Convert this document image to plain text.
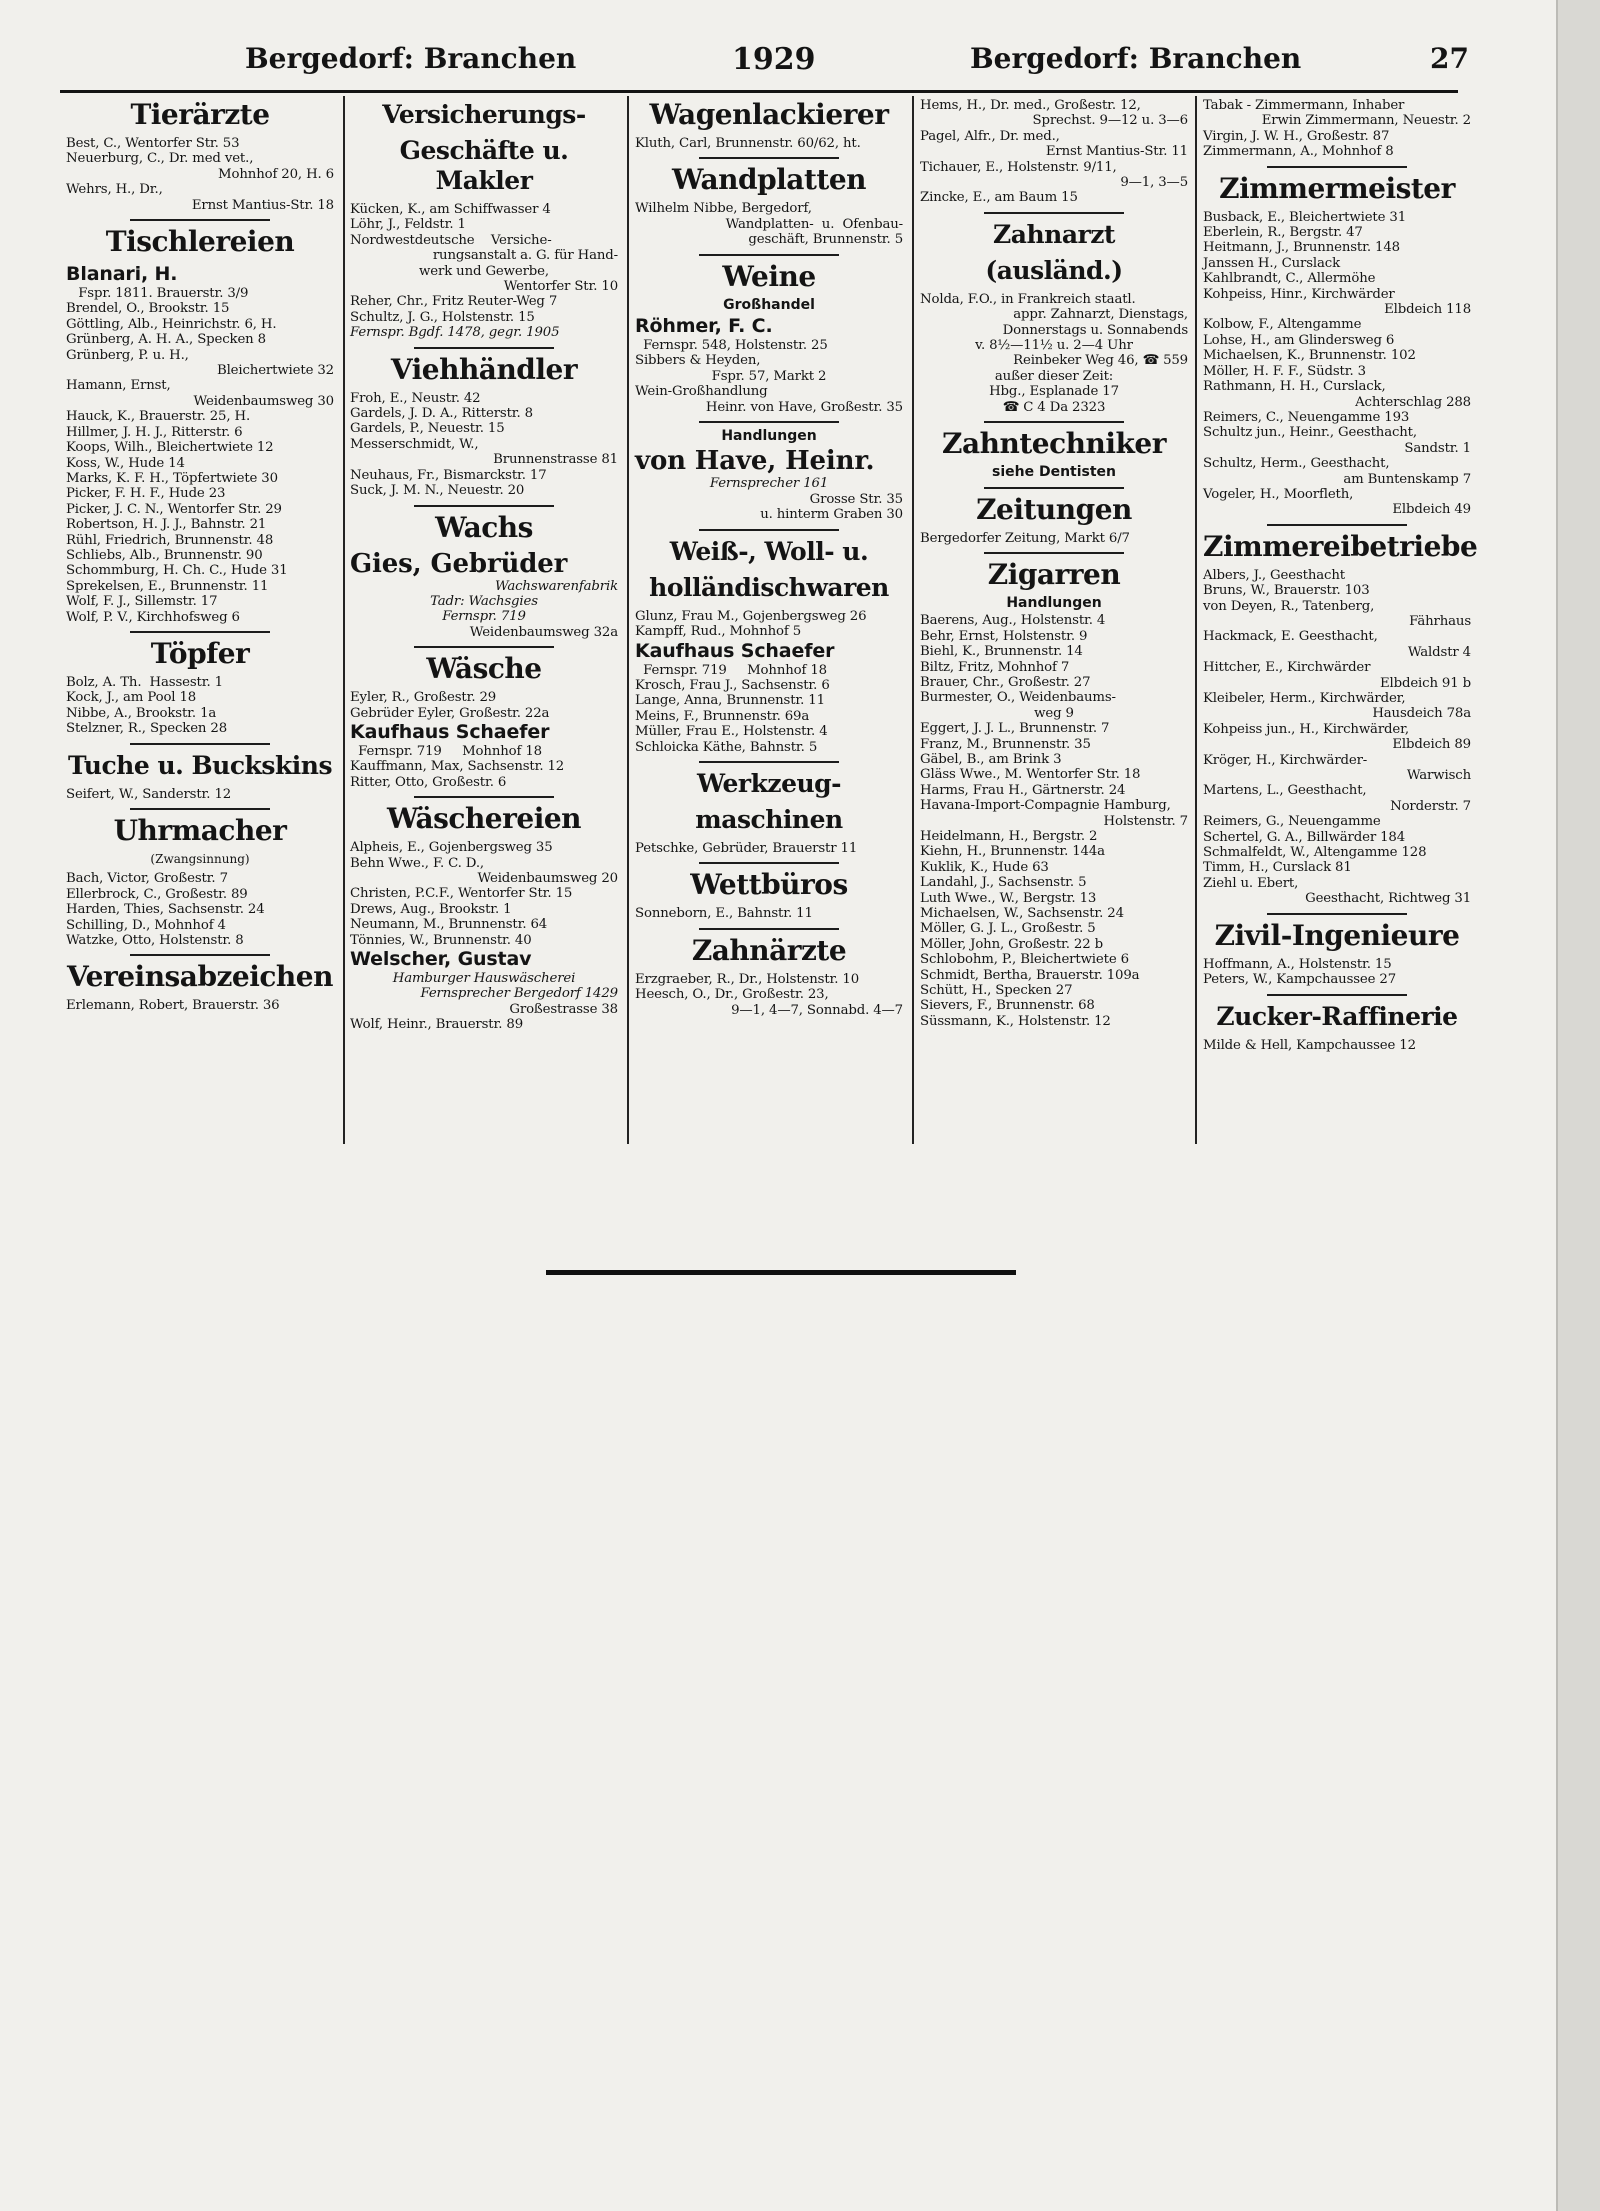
Bergedorf: Branchen	1929	Bergedorf: Branchen	27
Tierärzte
Best, C., Wentorfer Str. 53
Neuerburg, C., Dr. med vet.,
Mohnhof 20, H. 6
Wehrs, H., Dr.,
Ernst Mantius-Str. 18
Tischlereien
Blanari, H.
Fspr. 1811. Brauerstr. 3/9
Brendel, O., Brookstr. 15
Göttling, Alb., Heinrichstr. 6, H.
Grünberg, A. H. A., Specken 8
Grünberg, P. u. H.,
Bleichertwiete 32
Hamann, Ernst,
Weidenbaumsweg 30
Hauck, K., Brauerstr. 25, H.
Hillmer, J. H. J., Ritterstr. 6
Koops, Wilh., Bleichertwiete 12
Koss, W., Hude 14
Marks, K. F. H., Töpfertwiete 30
Picker, F. H. F., Hude 23
Picker, J. C. N., Wentorfer Str. 29
Robertson, H. J. J., Bahnstr. 21
Rühl, Friedrich, Brunnenstr. 48
Schliebs, Alb., Brunnenstr. 90
Schommburg, H. Ch. C., Hude 31
Sprekelsen, E., Brunnenstr. 11
Wolf, F. J., Sillemstr. 17
Wolf, P. V., Kirchhofsweg 6
Töpfer
Bolz, A. Th.  Hassestr. 1
Kock, J., am Pool 18
Nibbe, A., Brookstr. 1a
Stelzner, R., Specken 28
Tuche u. Buckskins
Seifert, W., Sanderstr. 12
Uhrmacher
(Zwangsinnung)
Bach, Victor, Großestr. 7
Ellerbrock, C., Großestr. 89
Harden, Thies, Sachsenstr. 24
Schilling, D., Mohnhof 4
Watzke, Otto, Holstenstr. 8
Vereinsabzeichen
Erlemann, Robert, Brauerstr. 36
Versicherungs-
Geschäfte u. Makler
Kücken, K., am Schiffwasser 4
Löhr, J., Feldstr. 1
Nordwestdeutsche    Versiche-
rungsanstalt a. G. für Hand-
werk und Gewerbe,
Wentorfer Str. 10
Reher, Chr., Fritz Reuter-Weg 7
Schultz, J. G., Holstenstr. 15
Fernspr. Bgdf. 1478, gegr. 1905
Viehhändler
Froh, E., Neustr. 42
Gardels, J. D. A., Ritterstr. 8
Gardels, P., Neuestr. 15
Messerschmidt, W.,
Brunnenstrasse 81
Neuhaus, Fr., Bismarckstr. 17
Suck, J. M. N., Neuestr. 20
Wachs
Gies, Gebrüder
Wachswarenfabrik
Tadr: Wachsgies
Fernspr. 719
Weidenbaumsweg 32a
Wäsche
Eyler, R., Großestr. 29
Gebrüder Eyler, Großestr. 22a
Kaufhaus Schaefer
Fernspr. 719     Mohnhof 18
Kauffmann, Max, Sachsenstr. 12
Ritter, Otto, Großestr. 6
Wäschereien
Alpheis, E., Gojenbergsweg 35
Behn Wwe., F. C. D.,
Weidenbaumsweg 20
Christen, P.C.F., Wentorfer Str. 15
Drews, Aug., Brookstr. 1
Neumann, M., Brunnenstr. 64
Tönnies, W., Brunnenstr. 40
Welscher, Gustav
Hamburger Hauswäscherei
Fernsprecher Bergedorf 1429
Großestrasse 38
Wolf, Heinr., Brauerstr. 89
Wagenlackierer
Kluth, Carl, Brunnenstr. 60/62, ht.
Wandplatten
Wilhelm Nibbe, Bergedorf,
Wandplatten-  u.  Ofenbau-
geschäft, Brunnenstr. 5
Weine
Großhandel
Röhmer, F. C.
Fernspr. 548, Holstenstr. 25
Sibbers & Heyden,
Fspr. 57, Markt 2
Wein-Großhandlung
Heinr. von Have, Großestr. 35
Handlungen
von Have, Heinr.
Fernsprecher 161
Grosse Str. 35
u. hinterm Graben 30
Weiß-, Woll- u.
holländischwaren
Glunz, Frau M., Gojenbergsweg 26
Kampff, Rud., Mohnhof 5
Kaufhaus Schaefer
Fernspr. 719     Mohnhof 18
Krosch, Frau J., Sachsenstr. 6
Lange, Anna, Brunnenstr. 11
Meins, F., Brunnenstr. 69a
Müller, Frau E., Holstenstr. 4
Schloicka Käthe, Bahnstr. 5
Werkzeug-
maschinen
Petschke, Gebrüder, Brauerstr 11
Wettbüros
Sonneborn, E., Bahnstr. 11
Zahnärzte
Erzgraeber, R., Dr., Holstenstr. 10
Heesch, O., Dr., Großestr. 23,
9—1, 4—7, Sonnabd. 4—7
Hems, H., Dr. med., Großestr. 12,
Sprechst. 9—12 u. 3—6
Pagel, Alfr., Dr. med.,
Ernst Mantius-Str. 11
Tichauer, E., Holstenstr. 9/11,
9—1, 3—5
Zincke, E., am Baum 15
Zahnarzt
(ausländ.)
Nolda, F.O., in Frankreich staatl.
appr. Zahnarzt, Dienstags,
Donnerstags u. Sonnabends
v. 8½—11½ u. 2—4 Uhr
Reinbeker Weg 46, ☎ 559
außer dieser Zeit:
Hbg., Esplanade 17
☎ C 4 Da 2323
Zahntechniker
siehe Dentisten
Zeitungen
Bergedorfer Zeitung, Markt 6/7
Zigarren
Handlungen
Baerens, Aug., Holstenstr. 4
Behr, Ernst, Holstenstr. 9
Biehl, K., Brunnenstr. 14
Biltz, Fritz, Mohnhof 7
Brauer, Chr., Großestr. 27
Burmester, O., Weidenbaums-
weg 9
Eggert, J. J. L., Brunnenstr. 7
Franz, M., Brunnenstr. 35
Gäbel, B., am Brink 3
Gläss Wwe., M. Wentorfer Str. 18
Harms, Frau H., Gärtnerstr. 24
Havana-Import-Compagnie Hamburg,
Holstenstr. 7
Heidelmann, H., Bergstr. 2
Kiehn, H., Brunnenstr. 144a
Kuklik, K., Hude 63
Landahl, J., Sachsenstr. 5
Luth Wwe., W., Bergstr. 13
Michaelsen, W., Sachsenstr. 24
Möller, G. J. L., Großestr. 5
Möller, John, Großestr. 22 b
Schlobohm, P., Bleichertwiete 6
Schmidt, Bertha, Brauerstr. 109a
Schütt, H., Specken 27
Sievers, F., Brunnenstr. 68
Süssmann, K., Holstenstr. 12
Tabak - Zimmermann, Inhaber
Erwin Zimmermann, Neuestr. 2
Virgin, J. W. H., Großestr. 87
Zimmermann, A., Mohnhof 8
Zimmermeister
Busback, E., Bleichertwiete 31
Eberlein, R., Bergstr. 47
Heitmann, J., Brunnenstr. 148
Janssen H., Curslack
Kahlbrandt, C., Allermöhe
Kohpeiss, Hinr., Kirchwärder
Elbdeich 118
Kolbow, F., Altengamme
Lohse, H., am Glindersweg 6
Michaelsen, K., Brunnenstr. 102
Möller, H. F. F., Südstr. 3
Rathmann, H. H., Curslack,
Achterschlag 288
Reimers, C., Neuengamme 193
Schultz jun., Heinr., Geesthacht,
Sandstr. 1
Schultz, Herm., Geesthacht,
am Buntenskamp 7
Vogeler, H., Moorfleth,
Elbdeich 49
Zimmereibetriebe
Albers, J., Geesthacht
Bruns, W., Brauerstr. 103
von Deyen, R., Tatenberg,
Fährhaus
Hackmack, E. Geesthacht,
Waldstr 4
Hittcher, E., Kirchwärder
Elbdeich 91 b
Kleibeler, Herm., Kirchwärder,
Hausdeich 78a
Kohpeiss jun., H., Kirchwärder,
Elbdeich 89
Kröger, H., Kirchwärder-
Warwisch
Martens, L., Geesthacht,
Norderstr. 7
Reimers, G., Neuengamme
Schertel, G. A., Billwärder 184
Schmalfeldt, W., Altengamme 128
Timm, H., Curslack 81
Ziehl u. Ebert,
Geesthacht, Richtweg 31
Zivil-Ingenieure
Hoffmann, A., Holstenstr. 15
Peters, W., Kampchaussee 27
Zucker-Raffinerie
Milde & Hell, Kampchaussee 12
